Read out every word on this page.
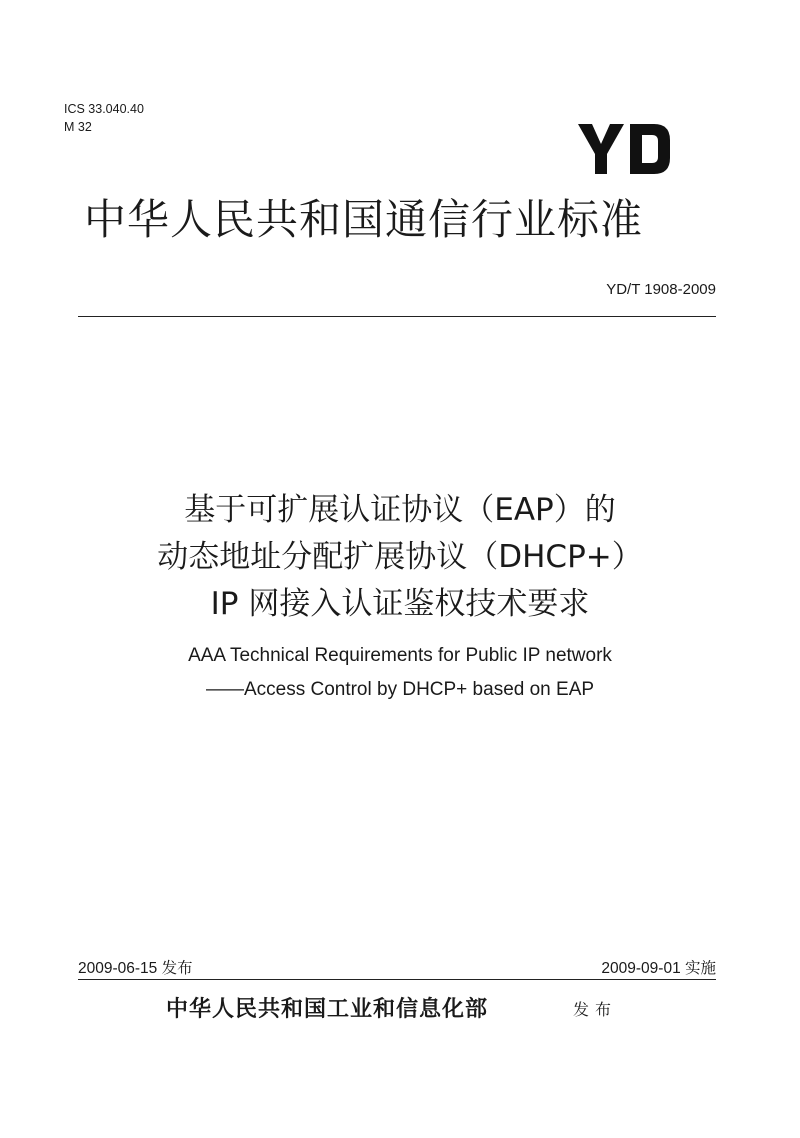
ICS 33.040.40
M 32
中华人民共和国通信行业标准
YD/T 1908-2009
基于可扩展认证协议（EAP）的
动态地址分配扩展协议（DHCP+）
IP 网接入认证鉴权技术要求
AAA Technical Requirements for Public IP network
——Access Control by DHCP+ based on EAP
2009-06-15 发布	2009-09-01 实施
中华人民共和国工业和信息化部	发布
